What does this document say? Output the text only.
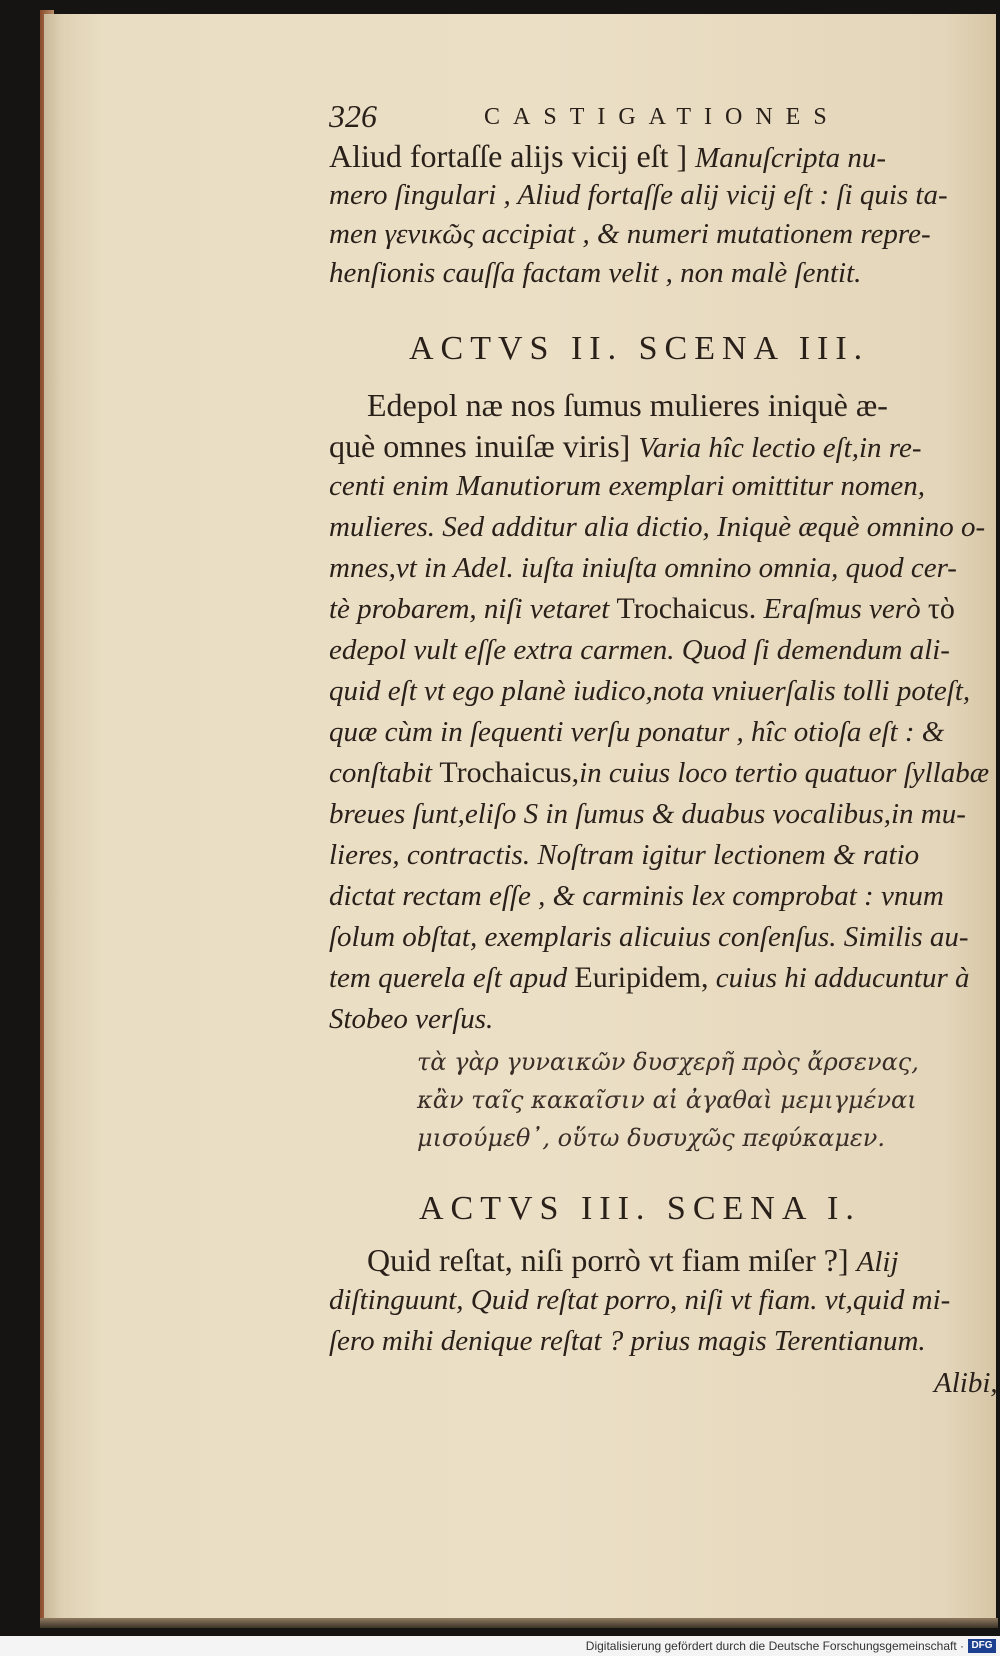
326	CASTIGATIONES
Aliud fortaſſe alijs vicij eſt ] Manuſcripta nu-
mero ſingulari , Aliud fortaſſe alij vicij eſt : ſi quis ta-
men γενικῶς accipiat , & numeri mutationem repre-
henſionis cauſſa factam velit , non malè ſentit.
ACTVS II. SCENA III.
Edepol næ nos ſumus mulieres iniquè æ-
què omnes inuiſæ viris] Varia hîc lectio eſt,in re-
centi enim Manutiorum exemplari omittitur nomen,
mulieres. Sed additur alia dictio, Iniquè æquè omnino o-
mnes,vt in Adel. iuſta iniuſta omnino omnia, quod cer-
tè probarem, niſi vetaret Trochaicus. Eraſmus verò τὸ
edepol vult eſſe extra carmen. Quod ſi demendum ali-
quid eſt vt ego planè iudico,nota vniuerſalis tolli poteſt,
quæ cùm in ſequenti verſu ponatur , hîc otioſa eſt : &
conſtabit Trochaicus,in cuius loco tertio quatuor ſyllabæ
breues ſunt,eliſo S in ſumus & duabus vocalibus,in mu-
lieres, contractis. Noſtram igitur lectionem & ratio
dictat rectam eſſe , & carminis lex comprobat : vnum
ſolum obſtat, exemplaris alicuius conſenſus. Similis au-
tem querela eſt apud Euripidem, cuius hi adducuntur à
Stobeo verſus.
τὰ γὰρ γυναικῶν δυσχερῆ πρὸς ἄρσενας,
κἂν ταῖς κακαῖσιν αἱ ἀγαθαὶ μεμιγμέναι
μισούμεθ᾽, οὕτω δυσυχῶς πεφύκαμεν.
ACTVS III. SCENA I.
Quid reſtat, niſi porrò vt fiam miſer ?] Alij
diſtinguunt, Quid reſtat porro, niſi vt fiam. vt,quid mi-
ſero mihi denique reſtat ? prius magis Terentianum.
Alibi,
Digitalisierung gefördert durch die Deutsche Forschungsgemeinschaft · DFG
